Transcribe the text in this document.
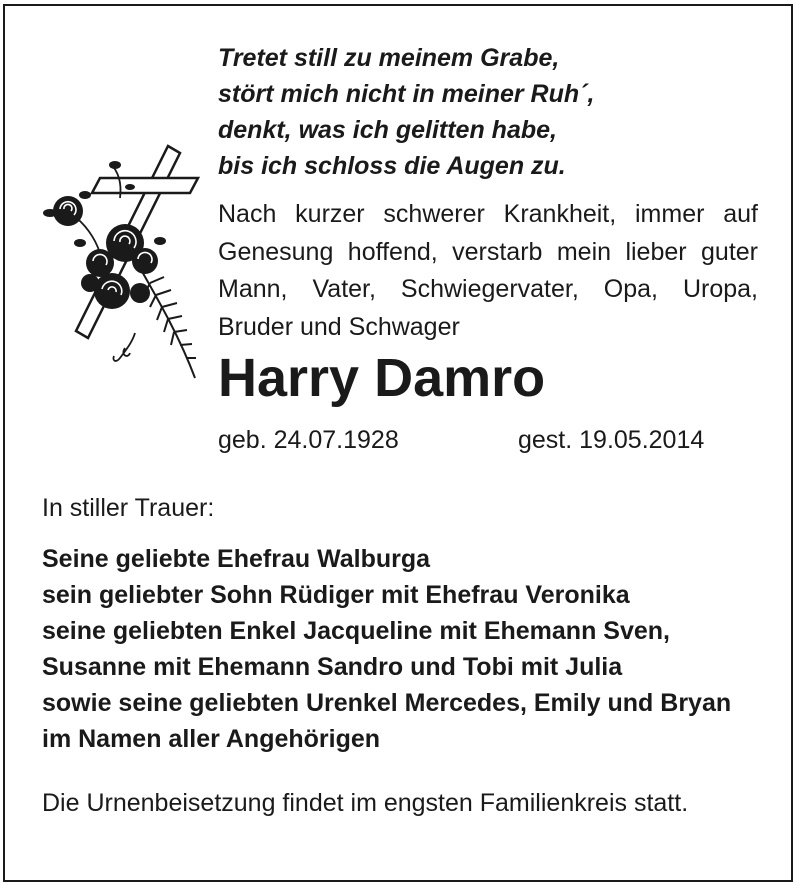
Tretet still zu meinem Grabe,
stört mich nicht in meiner Ruh´,
denkt, was ich gelitten habe,
bis ich schloss die Augen zu.
Nach kurzer schwerer Krankheit, immer auf Genesung hoffend, verstarb mein lieber guter Mann, Vater, Schwiegervater, Opa, Uropa, Bruder und Schwager
Harry Damro
geb. 24.07.1928	gest. 19.05.2014
In stiller Trauer:
Seine geliebte Ehefrau Walburga
sein geliebter Sohn Rüdiger mit Ehefrau Veronika
seine geliebten Enkel Jacqueline mit Ehemann Sven,
Susanne mit Ehemann Sandro und Tobi mit Julia
sowie seine geliebten Urenkel Mercedes, Emily und Bryan
im Namen aller Angehörigen
Die Urnenbeisetzung findet im engsten Familienkreis statt.
